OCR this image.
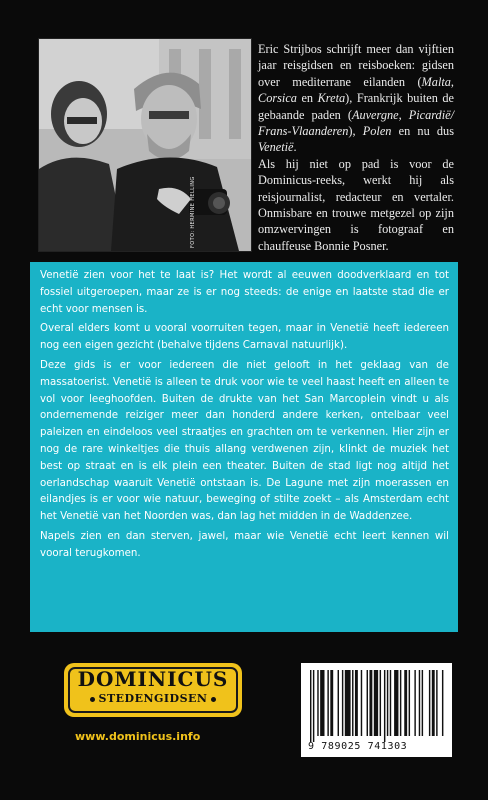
FOTO: HERMINE HELLING

Eric Strijbos schrijft meer dan vijftien jaar reisgidsen en reisboeken: gidsen over mediterrane eilanden (Malta, Corsica en Kreta), Frankrijk buiten de gebaande paden (Auvergne, Picardië/ Frans-Vlaanderen), Polen en nu dus Venetië.

Als hij niet op pad is voor de Dominicus-reeks, werkt hij als reisjournalist, redacteur en vertaler. Onmisbare en trouwe metgezel op zijn omzwervingen is fotograaf en chauffeuse Bonnie Posner.

Venetië zien voor het te laat is? Het wordt al eeuwen doodverklaard en tot fossiel uitgeroepen, maar ze is er nog steeds: de enige en laatste stad die er echt voor mensen is.

Overal elders komt u vooral voorruiten tegen, maar in Venetië heeft iedereen nog een eigen gezicht (behalve tijdens Carnaval natuurlijk).

Deze gids is er voor iedereen die niet gelooft in het geklaag van de massatoerist. Venetië is alleen te druk voor wie te veel haast heeft en alleen te vol voor leeghoofden. Buiten de drukte van het San Marcoplein vindt u als ondernemende reiziger meer dan honderd andere kerken, ontelbaar veel paleizen en eindeloos veel straatjes en grachten om te verkennen. Hier zijn er nog de rare winkeltjes die thuis allang verdwenen zijn, klinkt de muziek het best op straat en is elk plein een theater. Buiten de stad ligt nog altijd het oerlandschap waaruit Venetië ontstaan is. De Lagune met zijn moerassen en eilandjes is er voor wie natuur, beweging of stilte zoekt – als Amsterdam echt het Venetië van het Noorden was, dan lag het midden in de Waddenzee.

Napels zien en dan sterven, jawel, maar wie Venetië echt leert kennen wil vooral terugkomen.

DOMINICUS
STEDENGIDSEN
www.dominicus.info
9 789025 741303
